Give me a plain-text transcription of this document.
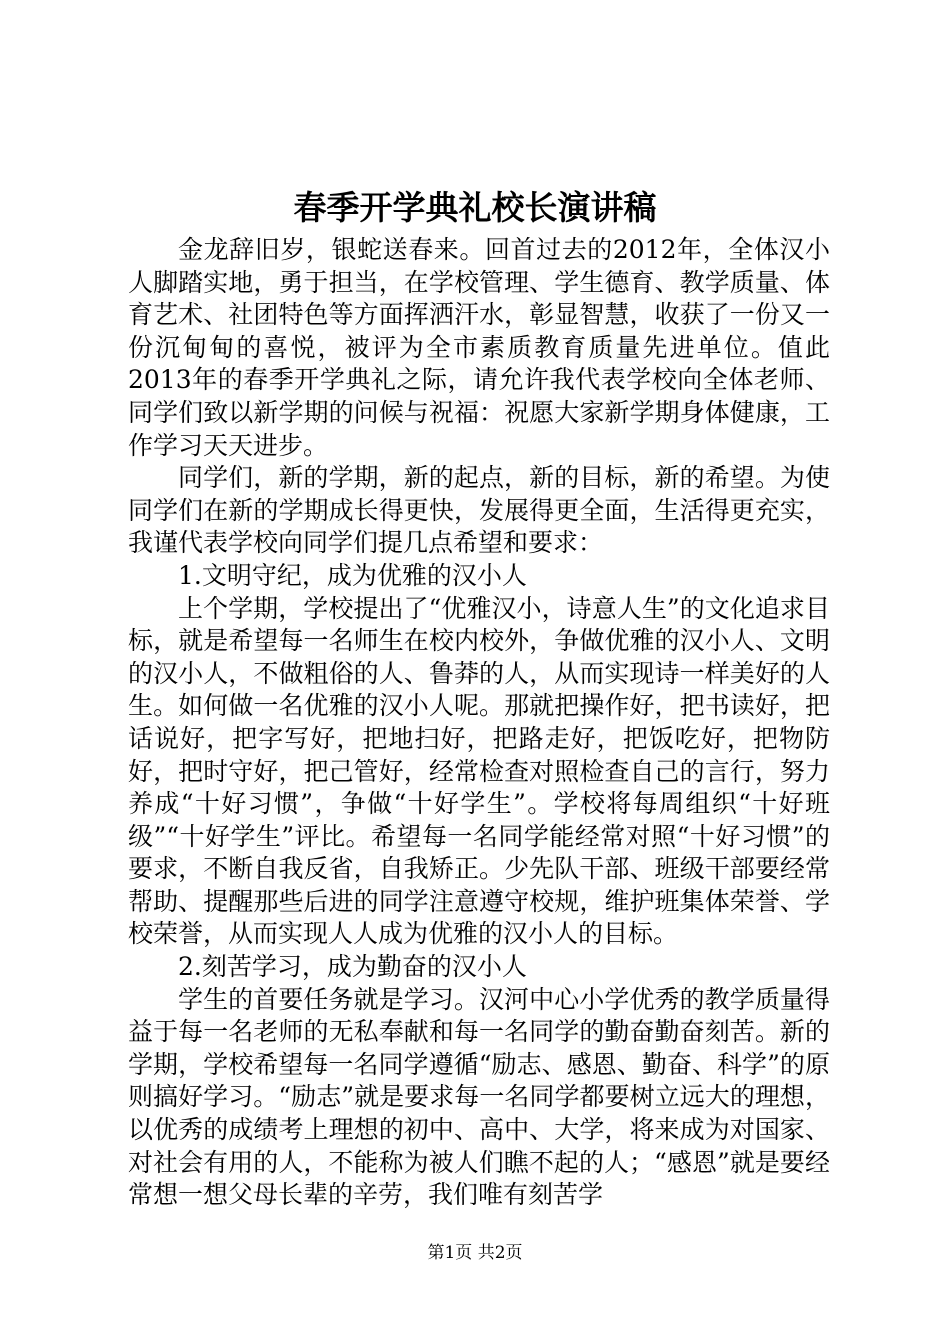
春季开学典礼校长演讲稿

金龙辞旧岁，银蛇送春来。回首过去的2012年，全体汉小人脚踏实地，勇于担当，在学校管理、学生德育、教学质量、体育艺术、社团特色等方面挥洒汗水，彰显智慧，收获了一份又一份沉甸甸的喜悦，被评为全市素质教育质量先进单位。值此2013年的春季开学典礼之际，请允许我代表学校向全体老师、同学们致以新学期的问候与祝福：祝愿大家新学期身体健康，工作学习天天进步。

同学们，新的学期，新的起点，新的目标，新的希望。为使同学们在新的学期成长得更快，发展得更全面，生活得更充实，我谨代表学校向同学们提几点希望和要求：

1.文明守纪，成为优雅的汉小人

上个学期，学校提出了“优雅汉小，诗意人生”的文化追求目标，就是希望每一名师生在校内校外，争做优雅的汉小人、文明的汉小人，不做粗俗的人、鲁莽的人，从而实现诗一样美好的人生。如何做一名优雅的汉小人呢。那就把操作好，把书读好，把话说好，把字写好，把地扫好，把路走好，把饭吃好，把物防好，把时守好，把己管好，经常检查对照检查自己的言行，努力养成“十好习惯”，争做“十好学生”。学校将每周组织“十好班级”“十好学生”评比。希望每一名同学能经常对照“十好习惯”的要求，不断自我反省，自我矫正。少先队干部、班级干部要经常帮助、提醒那些后进的同学注意遵守校规，维护班集体荣誉、学校荣誉，从而实现人人成为优雅的汉小人的目标。

2.刻苦学习，成为勤奋的汉小人

学生的首要任务就是学习。汉河中心小学优秀的教学质量得益于每一名老师的无私奉献和每一名同学的勤奋勤奋刻苦。新的学期，学校希望每一名同学遵循“励志、感恩、勤奋、科学”的原则搞好学习。“励志”就是要求每一名同学都要树立远大的理想，以优秀的成绩考上理想的初中、高中、大学，将来成为对国家、对社会有用的人，不能称为被人们瞧不起的人；“感恩”就是要经常想一想父母长辈的辛劳，我们唯有刻苦学

第1页 共2页
